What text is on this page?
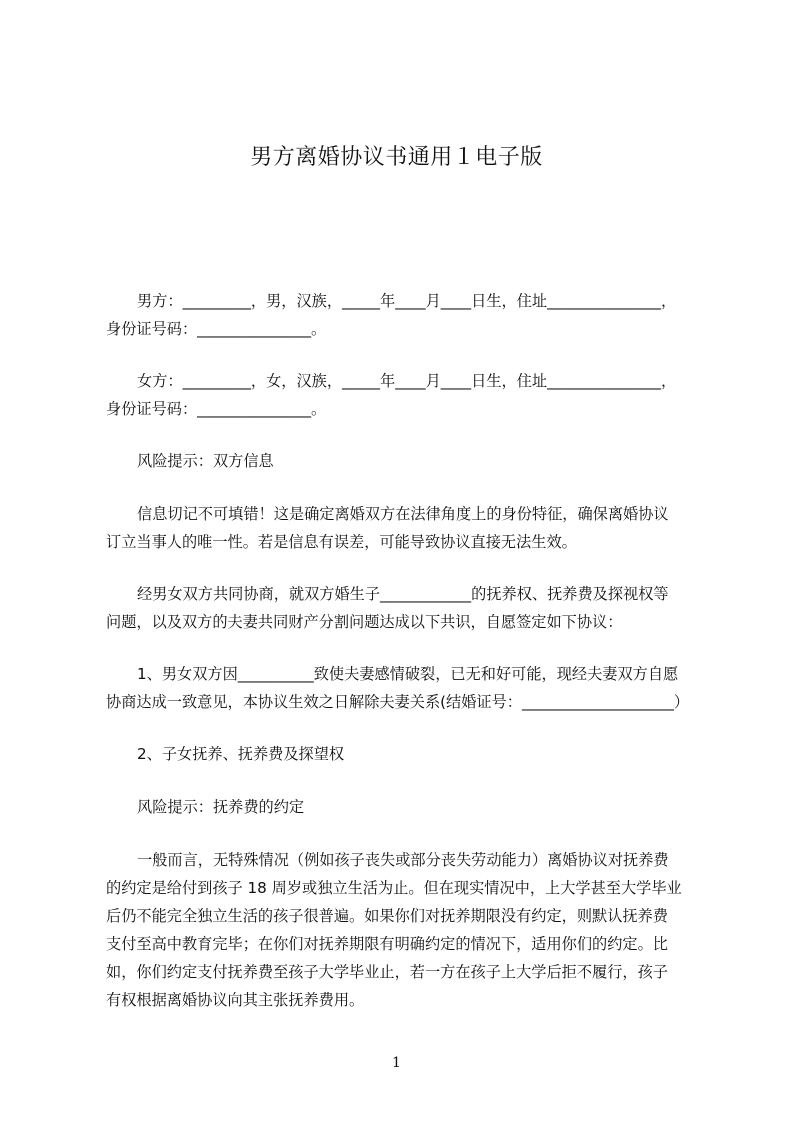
男方离婚协议书通用１电子版
男方：_________，男，汉族，_____年____月____日生，住址_______________，
身份证号码：_______________。
女方：_________，女，汉族，_____年____月____日生，住址_______________，
身份证号码：_______________。
风险提示：双方信息
信息切记不可填错！这是确定离婚双方在法律角度上的身份特征，确保离婚协议
订立当事人的唯一性。若是信息有误差，可能导致协议直接无法生效。
经男女双方共同协商，就双方婚生子____________的抚养权、抚养费及探视权等
问题，以及双方的夫妻共同财产分割问题达成以下共识，自愿签定如下协议：
1、男女双方因__________致使夫妻感情破裂，已无和好可能，现经夫妻双方自愿
协商达成一致意见，本协议生效之日解除夫妻关系(结婚证号：____________________）
2、子女抚养、抚养费及探望权
风险提示：抚养费的约定
一般而言，无特殊情况（例如孩子丧失或部分丧失劳动能力）离婚协议对抚养费
的约定是给付到孩子 18 周岁或独立生活为止。但在现实情况中，上大学甚至大学毕业
后仍不能完全独立生活的孩子很普遍。如果你们对抚养期限没有约定，则默认抚养费
支付至高中教育完毕；在你们对抚养期限有明确约定的情况下，适用你们的约定。比
如，你们约定支付抚养费至孩子大学毕业止，若一方在孩子上大学后拒不履行，孩子
有权根据离婚协议向其主张抚养费用。
1
